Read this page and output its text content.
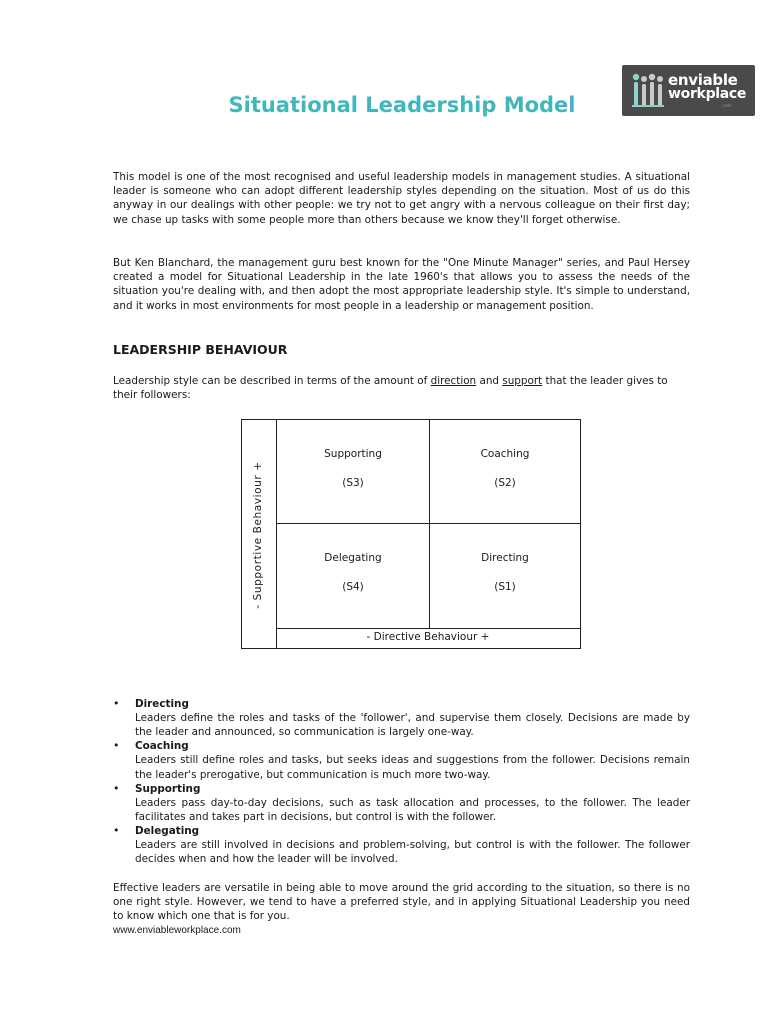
enviable
workplace
.com
Situational Leadership Model

This model is one of the most recognised and useful leadership models in management studies. A situational leader is someone who can adopt different leadership styles depending on the situation. Most of us do this anyway in our dealings with other people: we try not to get angry with a nervous colleague on their first day; we chase up tasks with some people more than others because we know they'll forget otherwise.

But Ken Blanchard, the management guru best known for the "One Minute Manager" series, and Paul Hersey created a model for Situational Leadership in the late 1960's that allows you to assess the needs of the situation you're dealing with, and then adopt the most appropriate leadership style. It's simple to understand, and it works in most environments for most people in a leadership or management position.

LEADERSHIP BEHAVIOUR

Leadership style can be described in terms of the amount of direction and support that the leader gives to their followers:

Supporting
(S3)
Coaching
(S2)
Delegating
(S4)
Directing
(S1)
- Supportive Behaviour +
- Directive Behaviour +
• Directing
Leaders define the roles and tasks of the 'follower', and supervise them closely. Decisions are made by the leader and announced, so communication is largely one-way.
• Coaching
Leaders still define roles and tasks, but seeks ideas and suggestions from the follower. Decisions remain the leader's prerogative, but communication is much more two-way.
• Supporting
Leaders pass day-to-day decisions, such as task allocation and processes, to the follower. The leader facilitates and takes part in decisions, but control is with the follower.
• Delegating
Leaders are still involved in decisions and problem-solving, but control is with the follower. The follower decides when and how the leader will be involved.

Effective leaders are versatile in being able to move around the grid according to the situation, so there is no one right style. However, we tend to have a preferred style, and in applying Situational Leadership you need to know which one that is for you.

www.enviableworkplace.com
